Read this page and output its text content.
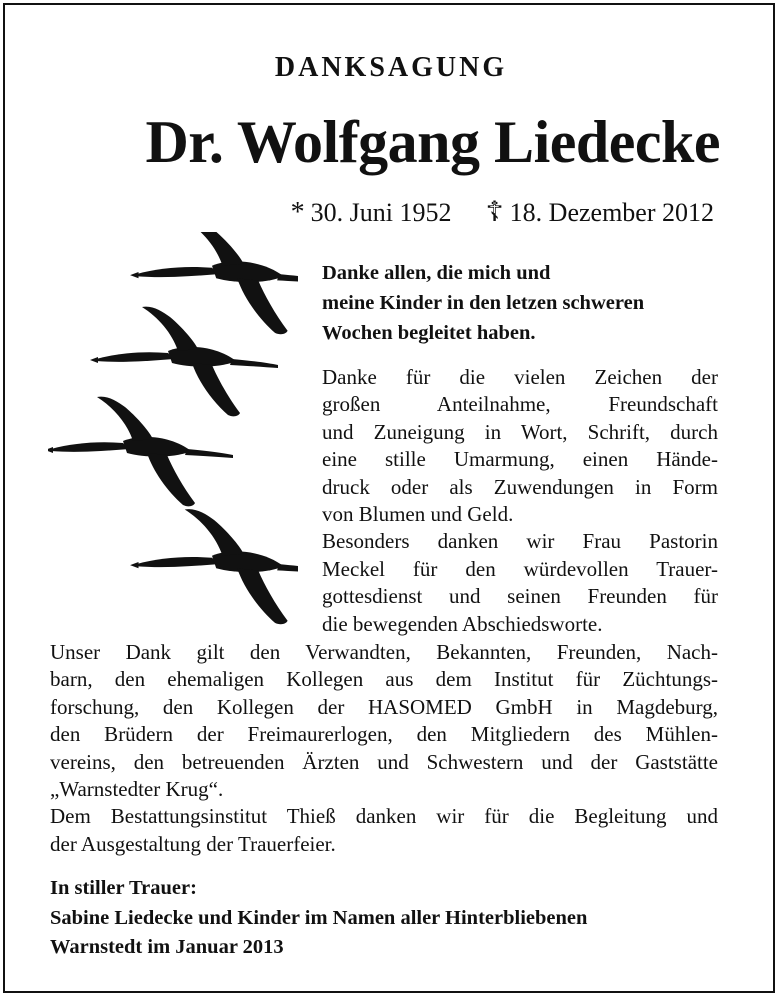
DANKSAGUNG
Dr. Wolfgang Liedecke
* 30. Juni 1952 ☦ 18. Dezember 2012
Danke allen, die mich und
meine Kinder in den letzen schweren
Wochen begleitet haben.
Danke für die vielen Zeichen der
großen Anteilnahme, Freundschaft
und Zuneigung in Wort, Schrift, durch
eine stille Umarmung, einen Hände-
druck oder als Zuwendungen in Form
von Blumen und Geld.
Besonders danken wir Frau Pastorin
Meckel für den würdevollen Trauer-
gottesdienst und seinen Freunden für
die bewegenden Abschiedsworte.
Unser Dank gilt den Verwandten, Bekannten, Freunden, Nach-
barn, den ehemaligen Kollegen aus dem Institut für Züchtungs-
forschung, den Kollegen der HASOMED GmbH in Magdeburg,
den Brüdern der Freimaurerlogen, den Mitgliedern des Mühlen-
vereins, den betreuenden Ärzten und Schwestern und der Gaststätte
„Warnstedter Krug“.
Dem Bestattungsinstitut Thieß danken wir für die Begleitung und
der Ausgestaltung der Trauerfeier.
In stiller Trauer:
Sabine Liedecke und Kinder im Namen aller Hinterbliebenen
Warnstedt im Januar 2013
